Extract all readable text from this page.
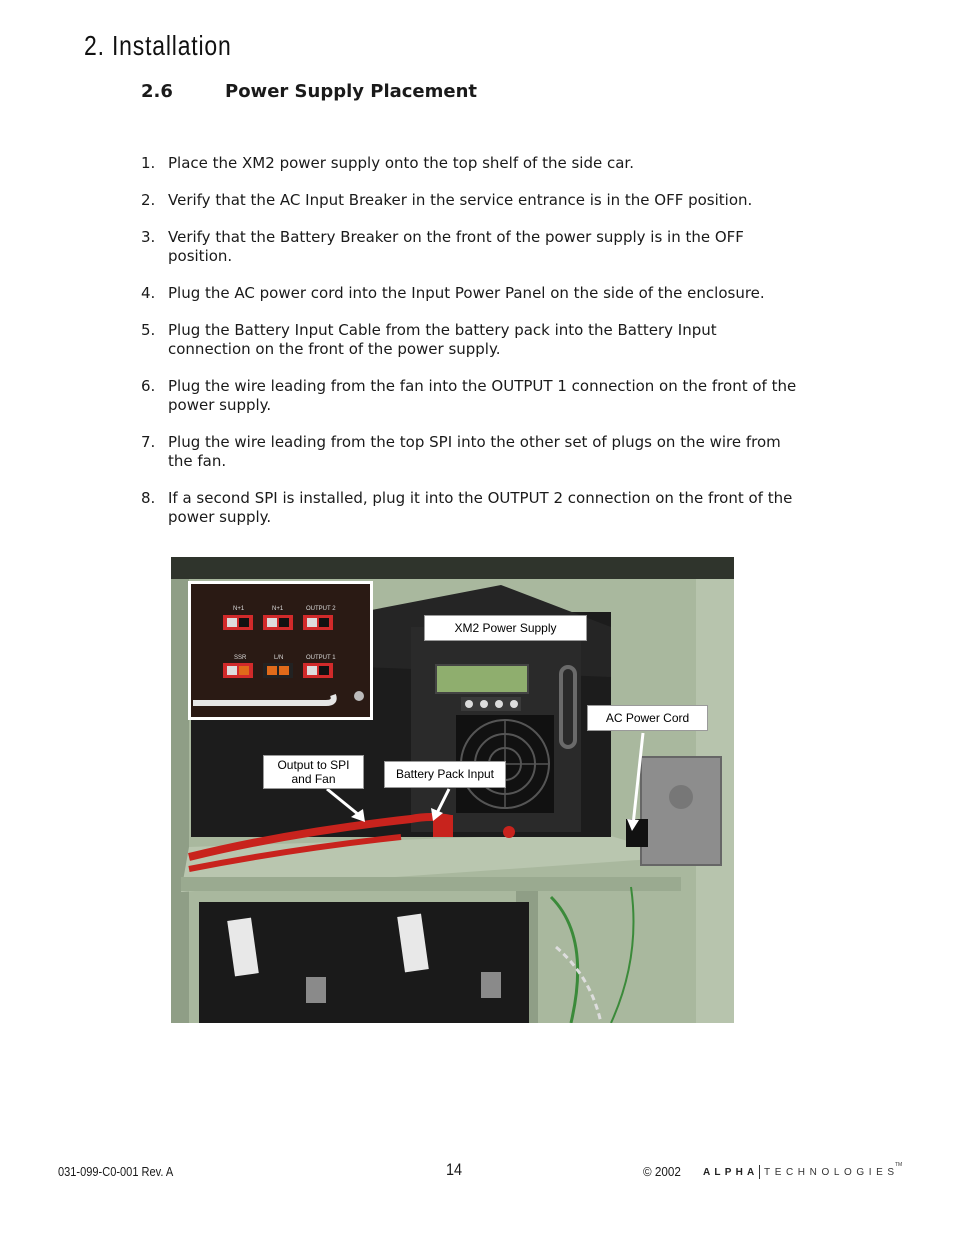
2. Installation
2.6	Power Supply Placement
1. Place the XM2 power supply onto the top shelf of the side car.
2. Verify that the AC Input Breaker in the service entrance is in the OFF position.
3. Verify that the Battery Breaker on the front of the power supply is in the OFF position.
4. Plug the AC power cord into the Input Power Panel on the side of the enclosure.
5. Plug the Battery Input Cable from the battery pack into the Battery Input connection on the front of the power supply.
6. Plug the wire leading from the fan into the OUTPUT 1 connection on the front of the power supply.
7. Plug the wire leading from the top SPI into the other set of plugs on the wire from the fan.
8. If a second SPI is installed, plug it into the OUTPUT 2 connection on the front of the power supply.
N+1	N+1	OUTPUT 2
SSR	L/N	OUTPUT 1
XM2 Power Supply
AC Power Cord
Output to SPI
and Fan	Battery Pack Input
031-099-C0-001 Rev. A	14	© 2002 ALPHA TECHNOLOGIES
TM
